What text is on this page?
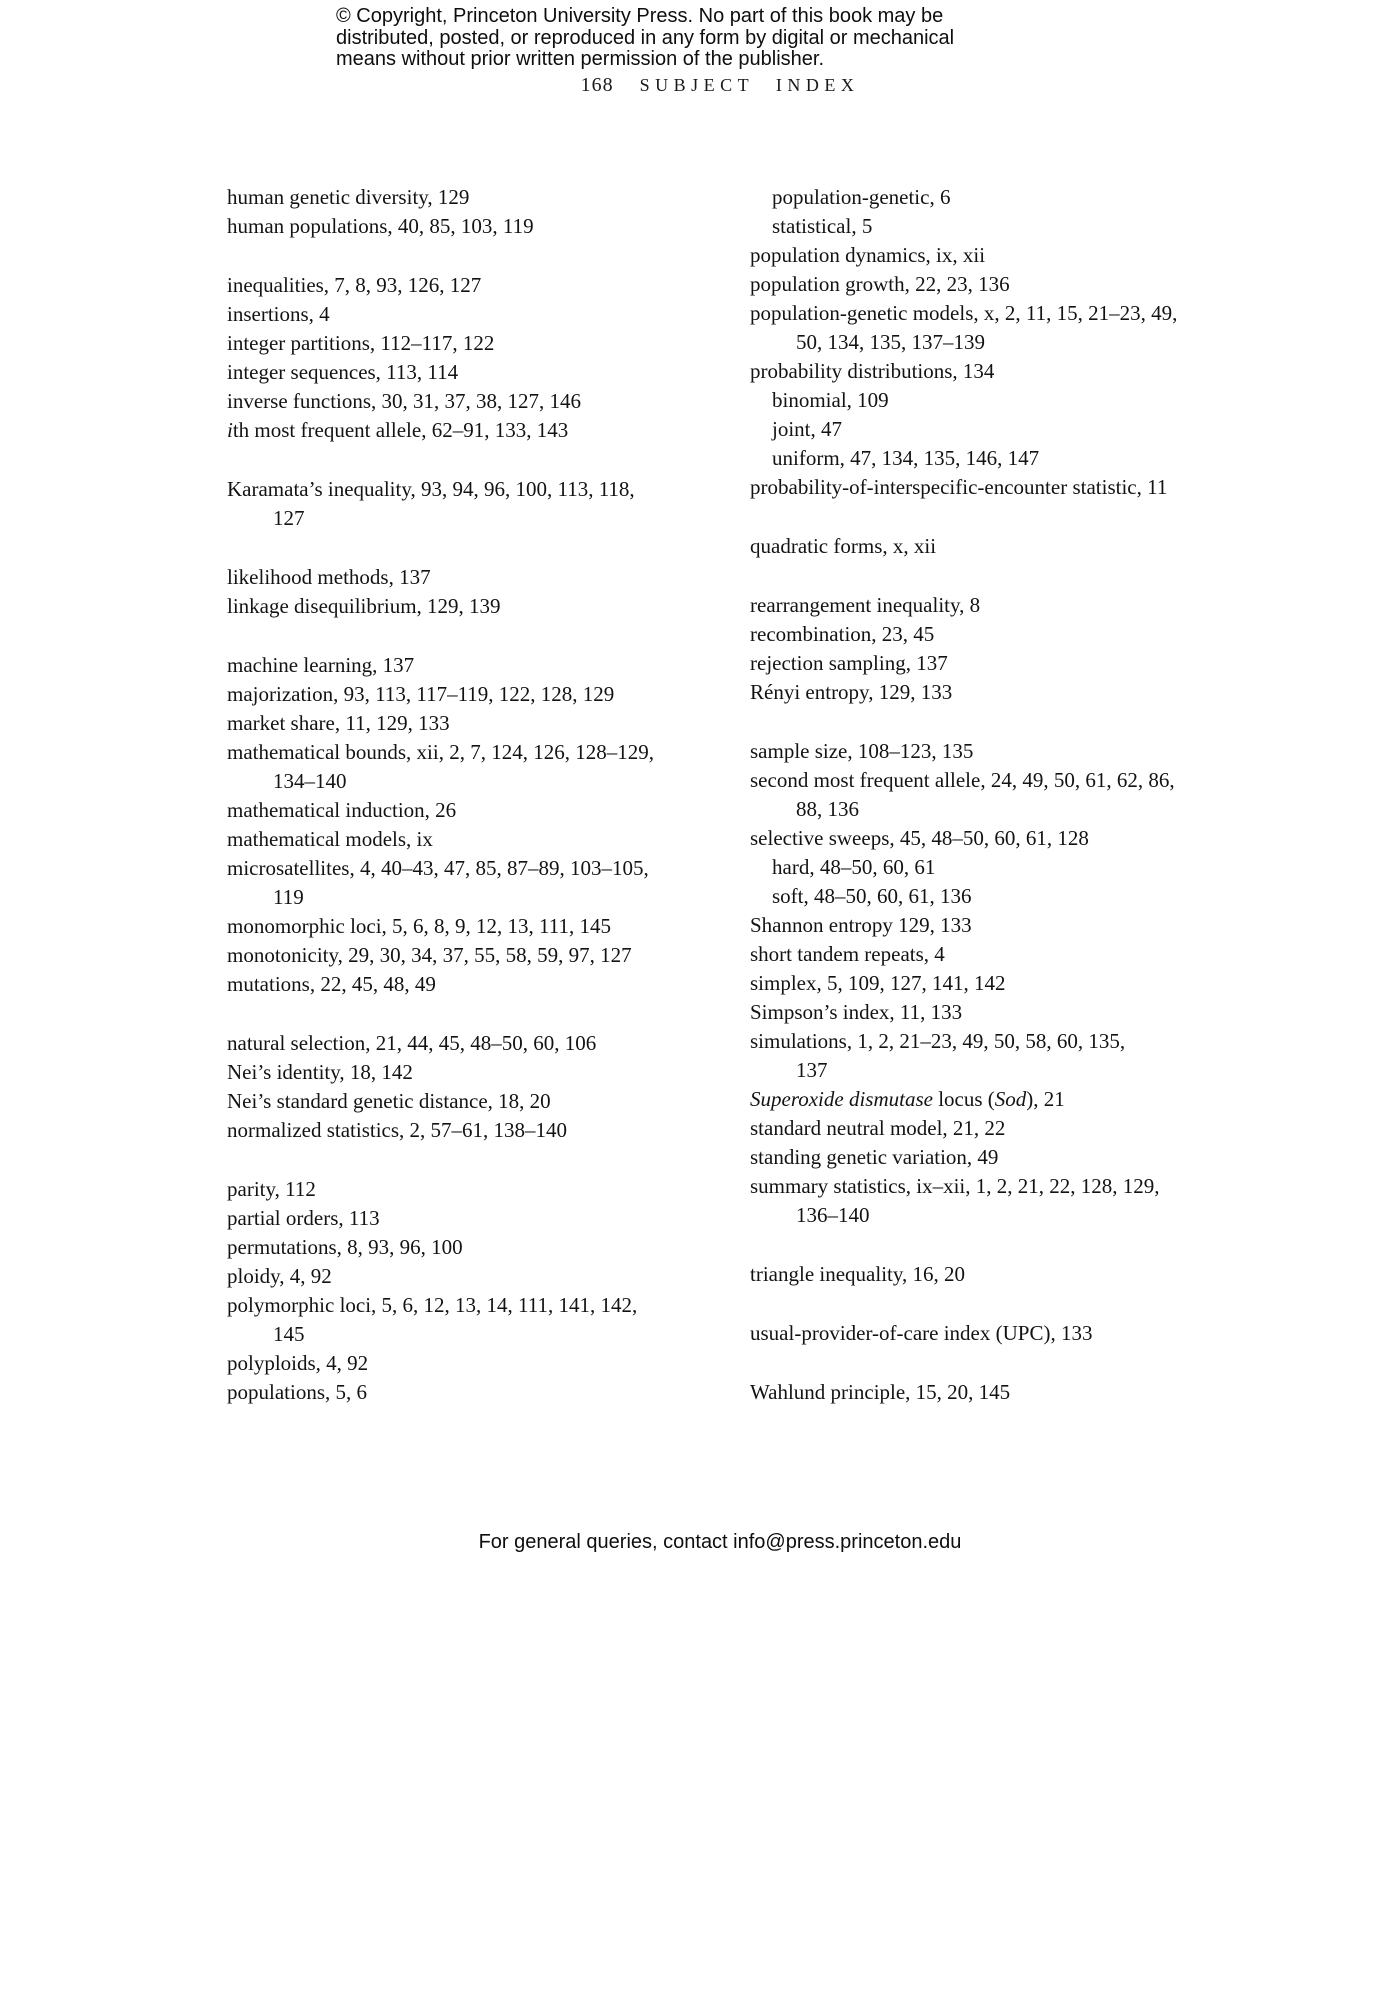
© Copyright, Princeton University Press. No part of this book may be
distributed, posted, or reproduced in any form by digital or mechanical
means without prior written permission of the publisher.
168 SUBJECT INDEX
human genetic diversity, 129
human populations, 40, 85, 103, 119
inequalities, 7, 8, 93, 126, 127
insertions, 4
integer partitions, 112–117, 122
integer sequences, 113, 114
inverse functions, 30, 31, 37, 38, 127, 146
ith most frequent allele, 62–91, 133, 143
Karamata’s inequality, 93, 94, 96, 100, 113, 118,
127
likelihood methods, 137
linkage disequilibrium, 129, 139
machine learning, 137
majorization, 93, 113, 117–119, 122, 128, 129
market share, 11, 129, 133
mathematical bounds, xii, 2, 7, 124, 126, 128–129,
134–140
mathematical induction, 26
mathematical models, ix
microsatellites, 4, 40–43, 47, 85, 87–89, 103–105,
119
monomorphic loci, 5, 6, 8, 9, 12, 13, 111, 145
monotonicity, 29, 30, 34, 37, 55, 58, 59, 97, 127
mutations, 22, 45, 48, 49
natural selection, 21, 44, 45, 48–50, 60, 106
Nei’s identity, 18, 142
Nei’s standard genetic distance, 18, 20
normalized statistics, 2, 57–61, 138–140
parity, 112
partial orders, 113
permutations, 8, 93, 96, 100
ploidy, 4, 92
polymorphic loci, 5, 6, 12, 13, 14, 111, 141, 142,
145
polyploids, 4, 92
populations, 5, 6
population-genetic, 6
statistical, 5
population dynamics, ix, xii
population growth, 22, 23, 136
population-genetic models, x, 2, 11, 15, 21–23, 49,
50, 134, 135, 137–139
probability distributions, 134
binomial, 109
joint, 47
uniform, 47, 134, 135, 146, 147
probability-of-interspecific-encounter statistic, 11
quadratic forms, x, xii
rearrangement inequality, 8
recombination, 23, 45
rejection sampling, 137
Rényi entropy, 129, 133
sample size, 108–123, 135
second most frequent allele, 24, 49, 50, 61, 62, 86,
88, 136
selective sweeps, 45, 48–50, 60, 61, 128
hard, 48–50, 60, 61
soft, 48–50, 60, 61, 136
Shannon entropy 129, 133
short tandem repeats, 4
simplex, 5, 109, 127, 141, 142
Simpson’s index, 11, 133
simulations, 1, 2, 21–23, 49, 50, 58, 60, 135,
137
Superoxide dismutase locus (Sod), 21
standard neutral model, 21, 22
standing genetic variation, 49
summary statistics, ix–xii, 1, 2, 21, 22, 128, 129,
136–140
triangle inequality, 16, 20
usual-provider-of-care index (UPC), 133
Wahlund principle, 15, 20, 145
For general queries, contact info@press.princeton.edu
